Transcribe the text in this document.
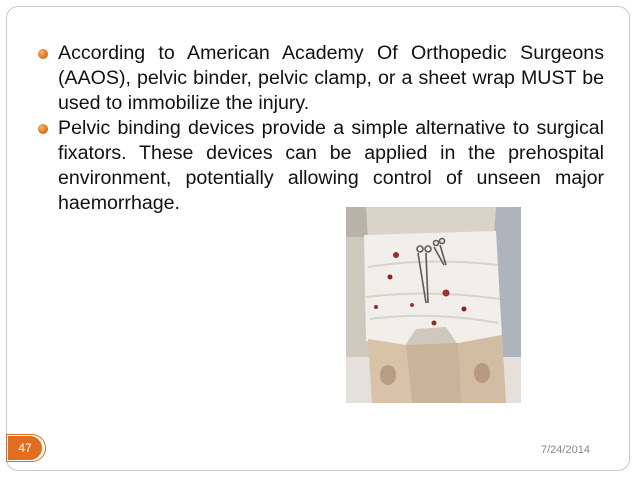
According to American Academy Of Orthopedic Surgeons (AAOS), pelvic binder, pelvic clamp, or a sheet wrap MUST be used to immobilize the injury.
Pelvic binding devices provide a simple alternative to surgical fixators. These devices can be applied in the prehospital environment, potentially allowing control of unseen major haemorrhage.
47	7/24/2014
